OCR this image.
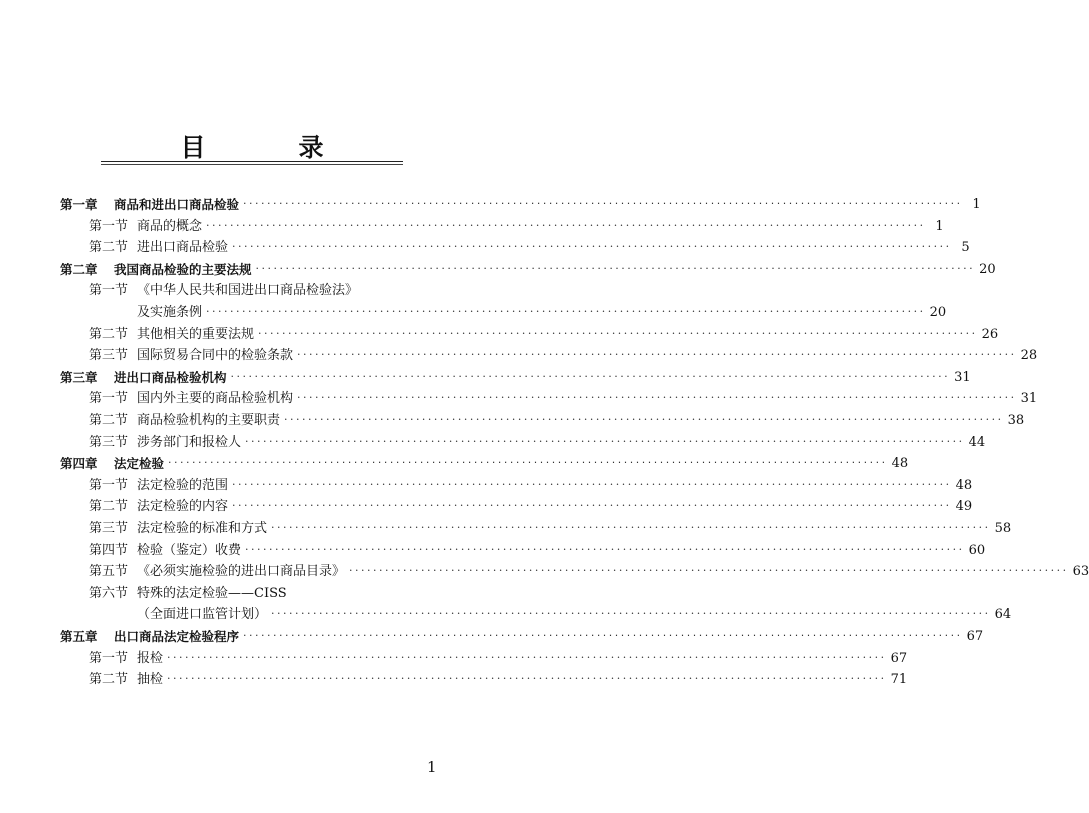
目　录
第一章	商品和进出口商品检验 ························································································································ 1
第一节 商品的概念 ························································································································ 1
第二节 进出口商品检验 ························································································································ 5
第二章	我国商品检验的主要法规 ························································································································ 20
第一节 《中华人民共和国进出口商品检验法》
及实施条例 ························································································································ 20
第二节 其他相关的重要法规 ························································································································ 26
第三节 国际贸易合同中的检验条款 ························································································································ 28
第三章	进出口商品检验机构 ························································································································ 31
第一节 国内外主要的商品检验机构 ························································································································ 31
第二节 商品检验机构的主要职责 ························································································································ 38
第三节 涉务部门和报检人 ························································································································ 44
第四章	法定检验 ························································································································ 48
第一节 法定检验的范围 ························································································································ 48
第二节 法定检验的内容 ························································································································ 49
第三节 法定检验的标准和方式 ························································································································ 58
第四节 检验（鉴定）收费 ························································································································ 60
第五节 《必须实施检验的进出口商品目录》 ························································································································ 63
第六节 特殊的法定检验——CISS
（全面进口监管计划） ························································································································ 64
第五章	出口商品法定检验程序 ························································································································ 67
第一节 报检 ························································································································ 67
第二节 抽检 ························································································································ 71
1
